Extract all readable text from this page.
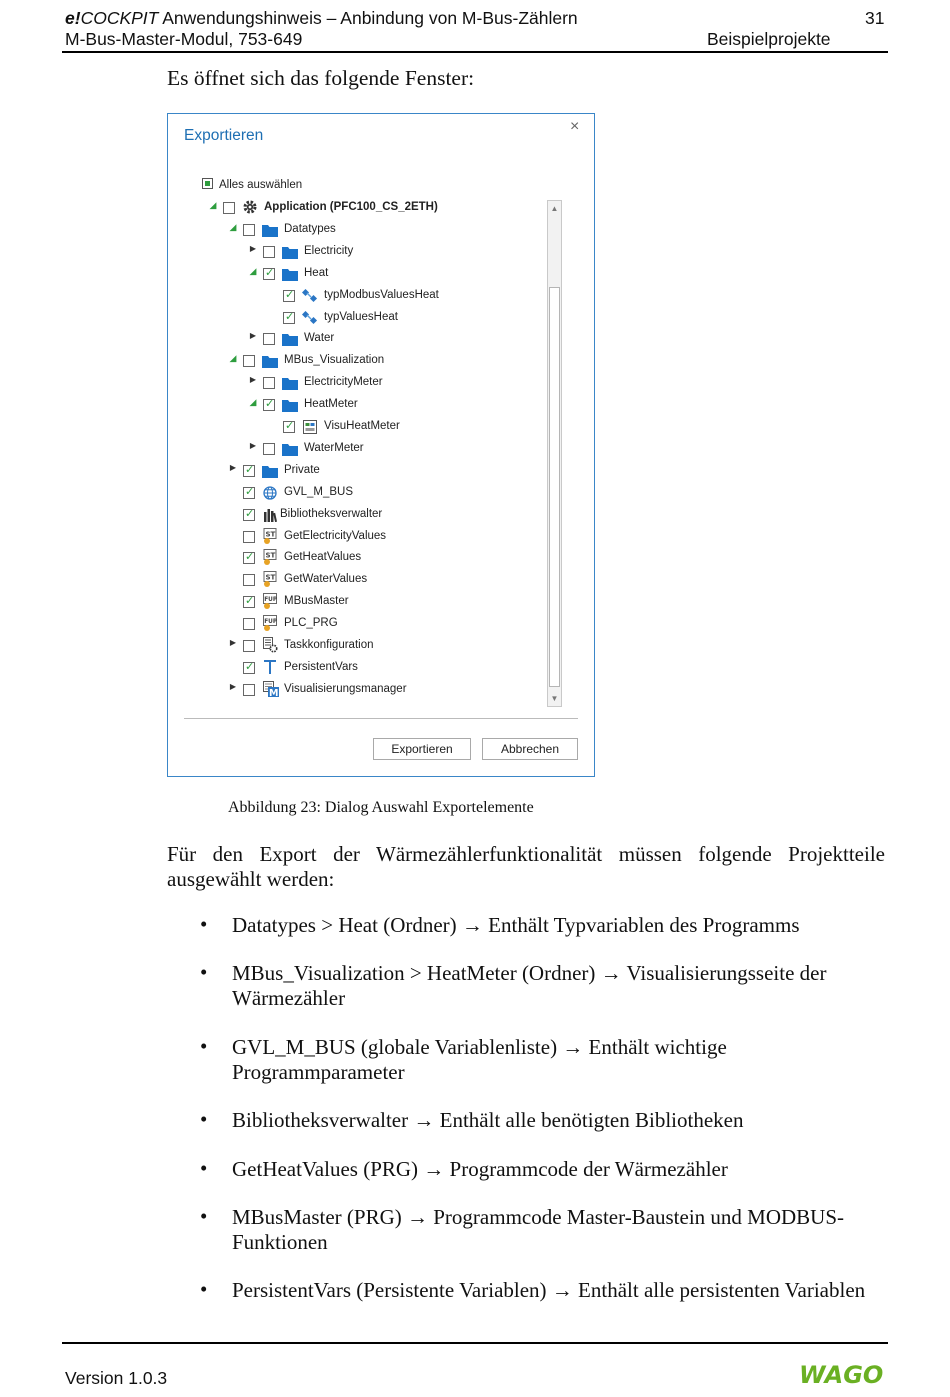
e!COCKPIT Anwendungshinweis – Anbindung von M-Bus-Zählern
M-Bus-Master-Modul, 753-649
31
Beispielprojekte
Es öffnet sich das folgende Fenster:
Exportieren
×
Alles auswählen
◢	Application (PFC100_CS_2ETH)
◢	Datatypes
▶	Electricity
◢ ✓	Heat
✓
typModbusValuesHeat
✓
typValuesHeat
▶	Water
◢	MBus_Visualization
▶	ElectricityMeter
◢ ✓	HeatMeter
✓
VisuHeatMeter
▶	WaterMeter
▶ ✓	Private
✓
GVL_M_BUS
✓
Bibliotheksverwalter
ST GetElectricityValues
✓
ST GetHeatValues
ST GetWaterValues
✓
FUP MBusMaster
FUP PLC_PRG
▶	Taskkonfiguration
✓
PersistentVars
▶
M Visualisierungsmanager
▲
▼
Exportieren	Abbrechen
Abbildung 23: Dialog Auswahl Exportelemente
Für den Export der Wärmezählerfunktionalität müssen folgende Projektteile ausgewählt werden:
• Datatypes > Heat (Ordner) → Enthält Typvariablen des Programms
• MBus_Visualization > HeatMeter (Ordner) → Visualisierungsseite der Wärmezähler
• GVL_M_BUS (globale Variablenliste) → Enthält wichtige Programmparameter
• Bibliotheksverwalter → Enthält alle benötigten Bibliotheken
• GetHeatValues (PRG) → Programmcode der Wärmezähler
• MBusMaster (PRG) → Programmcode Master-Baustein und MODBUS-Funktionen
• PersistentVars (Persistente Variablen) → Enthält alle persistenten Variablen
Version 1.0.3	WAGO
